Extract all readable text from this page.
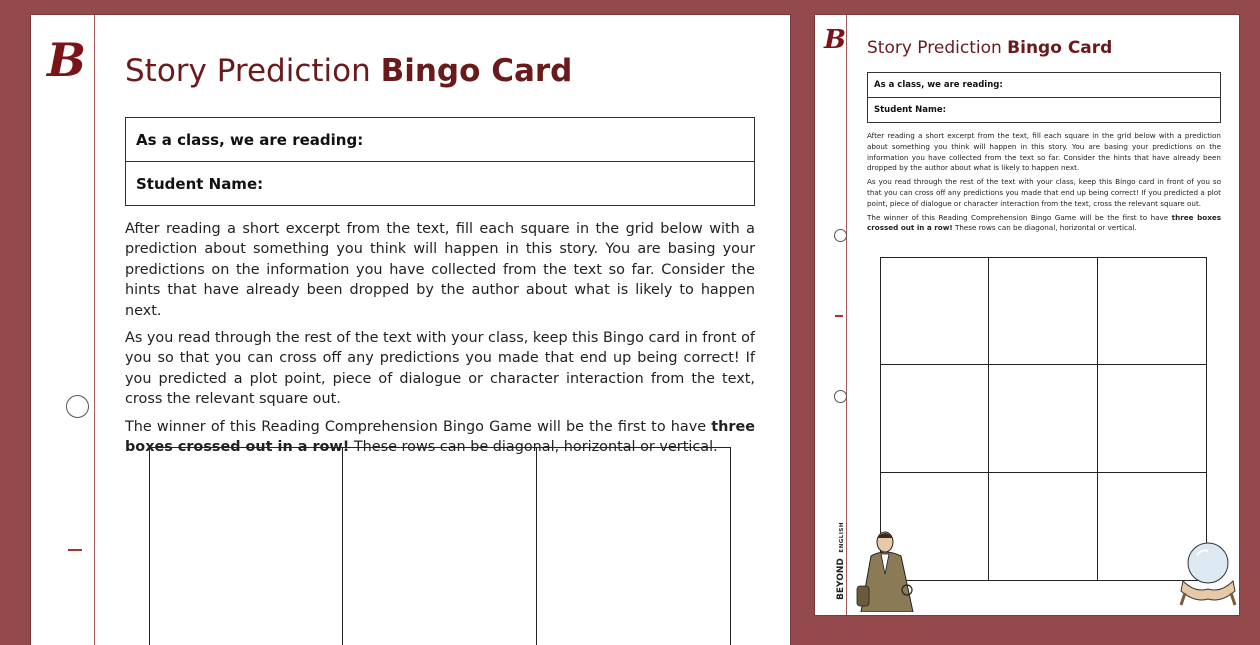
B Story Prediction Bingo Card
As a class, we are reading:
Student Name:

After reading a short excerpt from the text, fill each square in the grid below with a prediction about something you think will happen in this story. You are basing your predictions on the information you have collected from the text so far. Consider the hints that have already been dropped by the author about what is likely to happen next.

As you read through the rest of the text with your class, keep this Bingo card in front of you so that you can cross off any predictions you made that end up being correct! If you predicted a plot point, piece of dialogue or character interaction from the text, cross the relevant square out.

The winner of this Reading Comprehension Bingo Game will be the first to have three boxes crossed out in a row! These rows can be diagonal, horizontal or vertical.

B Story Prediction Bingo Card
As a class, we are reading:
Student Name:

After reading a short excerpt from the text, fill each square in the grid below with a prediction about something you think will happen in this story. You are basing your predictions on the information you have collected from the text so far. Consider the hints that have already been dropped by the author about what is likely to happen next.

As you read through the rest of the text with your class, keep this Bingo card in front of you so that you can cross off any predictions you made that end up being correct! If you predicted a plot point, piece of dialogue or character interaction from the text, cross the relevant square out.

The winner of this Reading Comprehension Bingo Game will be the first to have three boxes crossed out in a row! These rows can be diagonal, horizontal or vertical.

BEYOND ENGLISH
